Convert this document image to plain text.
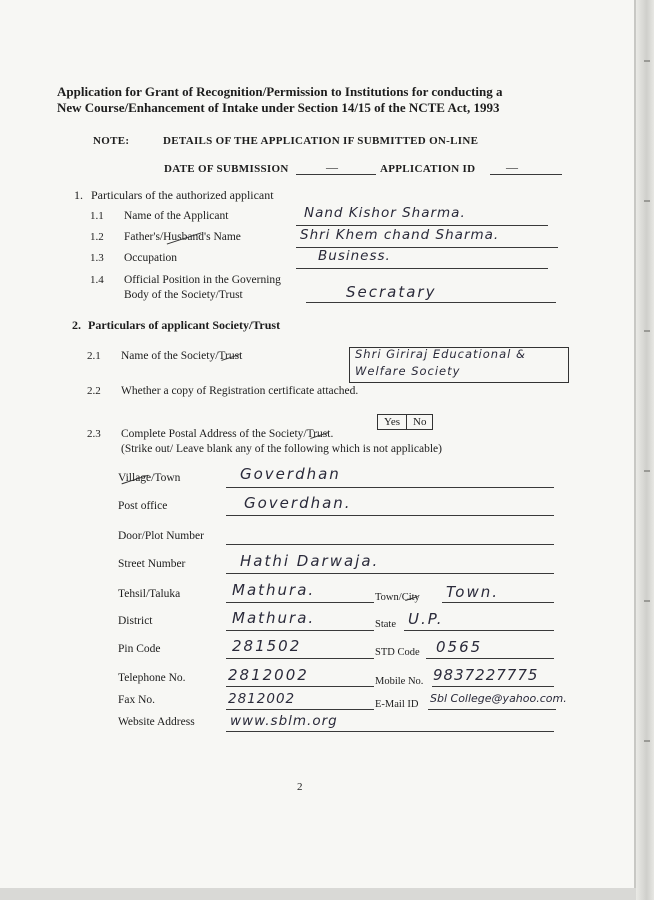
Application for Grant of Recognition/Permission to Institutions for conducting a
New Course/Enhancement of Intake under Section 14/15 of the NCTE Act, 1993
NOTE:	DETAILS OF THE APPLICATION IF SUBMITTED ON-LINE
DATE OF SUBMISSION	—	APPLICATION ID	—
1. Particulars of the authorized applicant
1.1 Name of the Applicant	Nand Kishor Sharma.
1.2 Father's/Husband's Name	Shri Khem chand Sharma.
1.3 Occupation	Business.
1.4 Official Position in the Governing
Body of the Society/Trust	Secratary
2. Particulars of applicant Society/Trust
2.1 Name of the Society/Trust	Shri Giriraj Educational &
Welfare Society
2.2 Whether a copy of Registration certificate attached.
Yes	No
2.3 Complete Postal Address of the Society/Trust.
(Strike out/ Leave blank any of the following which is not applicable)
Village/Town	Goverdhan
Post office	Goverdhan.
Door/Plot Number
Street Number	Hathi Darwaja.
Tehsil/Taluka	Mathura.	Town/City Town.
District	Mathura.	State U.P.
Pin Code	281502	STD Code 0565
Telephone No.	2812002	Mobile No. 9837227775
Fax No.	2812002	E-Mail ID Sbl College@yahoo.com.
Website Address	www.sblm.org
2
